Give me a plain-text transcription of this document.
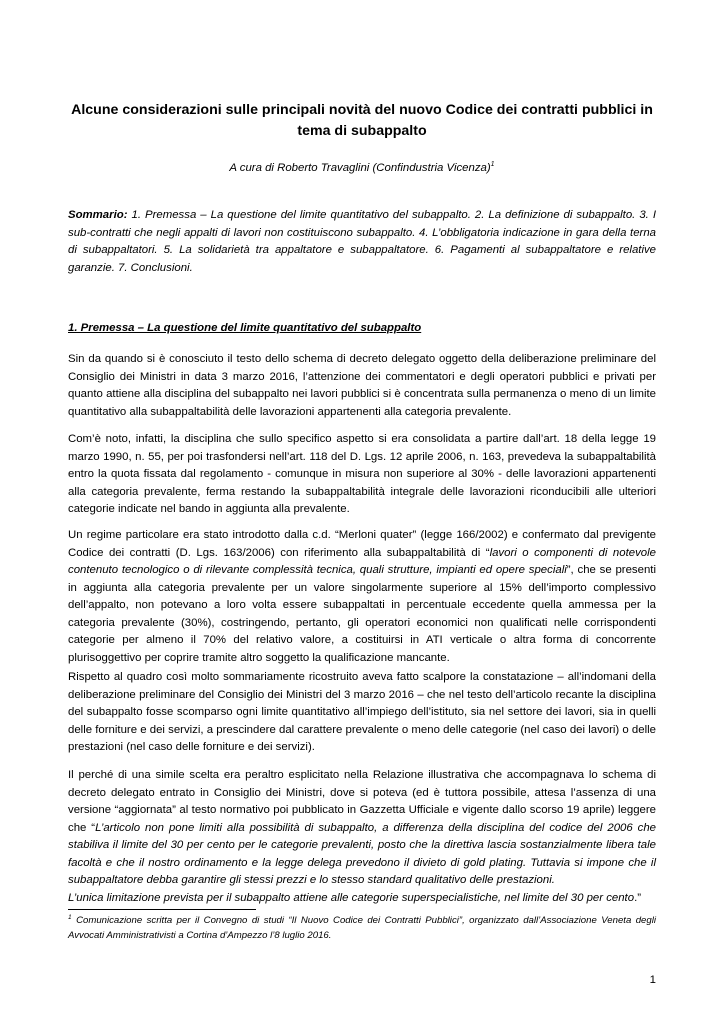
Alcune considerazioni sulle principali novità del nuovo Codice dei contratti pubblici in tema di subappalto

A cura di Roberto Travaglini (Confindustria Vicenza)$^1$

Sommario: 1. Premessa – La questione del limite quantitativo del subappalto. 2. La definizione di subappalto. 3. I sub-contratti che negli appalti di lavori non costituiscono subappalto. 4. L’obbligatoria indicazione in gara della terna di subappaltatori. 5. La solidarietà tra appaltatore e subappaltatore. 6. Pagamenti al subappaltatore e relative garanzie. 7. Conclusioni.

1. Premessa – La questione del limite quantitativo del subappalto

Sin da quando si è conosciuto il testo dello schema di decreto delegato oggetto della deliberazione preliminare del Consiglio dei Ministri in data 3 marzo 2016, l’attenzione dei commentatori e degli operatori pubblici e privati per quanto attiene alla disciplina del subappalto nei lavori pubblici si è concentrata sulla permanenza o meno di un limite quantitativo alla subappaltabilità delle lavorazioni appartenenti alla categoria prevalente.

Com’è noto, infatti, la disciplina che sullo specifico aspetto si era consolidata a partire dall’art. 18 della legge 19 marzo 1990, n. 55, per poi trasfondersi nell’art. 118 del D. Lgs. 12 aprile 2006, n. 163, prevedeva la subappaltabilità entro la quota fissata dal regolamento - comunque in misura non superiore al 30% - delle lavorazioni appartenenti alla categoria prevalente, ferma restando la subappaltabilità integrale delle lavorazioni riconducibili alle ulteriori categorie indicate nel bando in aggiunta alla prevalente.

Un regime particolare era stato introdotto dalla c.d. “Merloni quater” (legge 166/2002) e confermato dal previgente Codice dei contratti (D. Lgs. 163/2006) con riferimento alla subappaltabilità di “lavori o componenti di notevole contenuto tecnologico o di rilevante complessità tecnica, quali strutture, impianti ed opere speciali”, che se presenti in aggiunta alla categoria prevalente per un valore singolarmente superiore al 15% dell’importo complessivo dell’appalto, non potevano a loro volta essere subappaltati in percentuale eccedente quella ammessa per la categoria prevalente (30%), costringendo, pertanto, gli operatori economici non qualificati nelle corrispondenti categorie per almeno il 70% del relativo valore, a costituirsi in ATI verticale o altra forma di concorrente plurisoggettivo per coprire tramite altro soggetto la qualificazione mancante.

Rispetto al quadro così molto sommariamente ricostruito aveva fatto scalpore la constatazione – all’indomani della deliberazione preliminare del Consiglio dei Ministri del 3 marzo 2016 – che nel testo dell’articolo recante la disciplina del subappalto fosse scomparso ogni limite quantitativo all’impiego dell’istituto, sia nel settore dei lavori, sia in quelli delle forniture e dei servizi, a prescindere dal carattere prevalente o meno delle categorie (nel caso dei lavori) o delle prestazioni (nel caso delle forniture e dei servizi).

Il perché di una simile scelta era peraltro esplicitato nella Relazione illustrativa che accompagnava lo schema di decreto delegato entrato in Consiglio dei Ministri, dove si poteva (ed è tuttora possibile, attesa l’assenza di una versione “aggiornata” al testo normativo poi pubblicato in Gazzetta Ufficiale e vigente dallo scorso 19 aprile) leggere che “L’articolo non pone limiti alla possibilità di subappalto, a differenza della disciplina del codice del 2006 che stabiliva il limite del 30 per cento per le categorie prevalenti, posto che la direttiva lascia sostanzialmente libera tale facoltà e che il nostro ordinamento e la legge delega prevedono il divieto di gold plating. Tuttavia si impone che il subappaltatore debba garantire gli stessi prezzi e lo stesso standard qualitativo delle prestazioni.
L’unica limitazione prevista per il subappalto attiene alle categorie superspecialistiche, nel limite del 30 per cento.”

$^1$ Comunicazione scritta per il Convegno di studi “Il Nuovo Codice dei Contratti Pubblici”, organizzato dall’Associazione Veneta degli Avvocati Amministrativisti a Cortina d’Ampezzo l’8 luglio 2016.

1
